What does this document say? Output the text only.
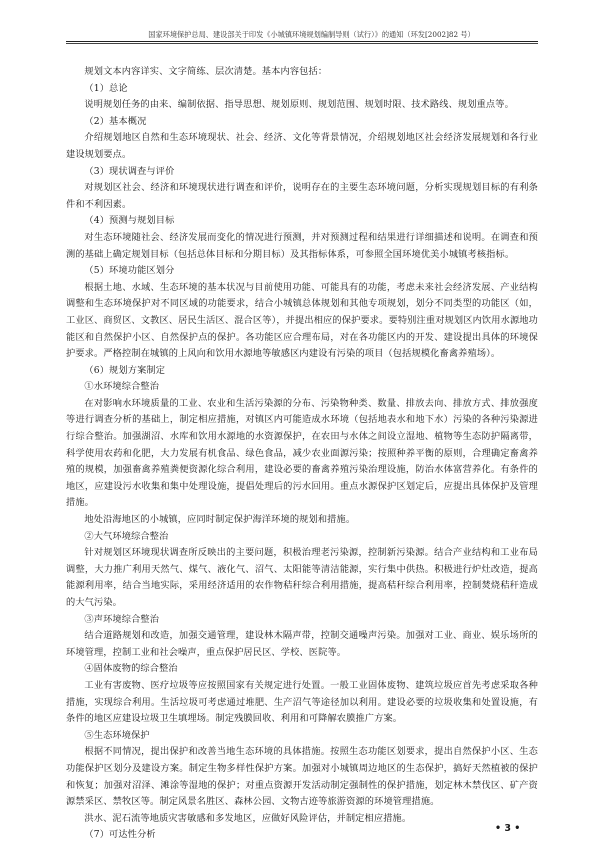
国家环境保护总局、建设部关于印发《小城镇环境规划编制导则（试行）》的通知（环发[2002]82 号）

规划文本内容详实、文字简练、层次清楚。基本内容包括：

（1）总论

说明规划任务的由来、编制依据、指导思想、规划原则、规划范围、规划时限、技术路线、规划重点等。

（2）基本概况

介绍规划地区自然和生态环境现状、社会、经济、文化等背景情况，介绍规划地区社会经济发展规划和各行业建设规划要点。

（3）现状调查与评价

对规划区社会、经济和环境现状进行调查和评价，说明存在的主要生态环境问题，分析实现规划目标的有利条件和不利因素。

（4）预测与规划目标

对生态环境随社会、经济发展而变化的情况进行预测，并对预测过程和结果进行详细描述和说明。在调查和预测的基础上确定规划目标（包括总体目标和分期目标）及其指标体系，可参照全国环境优美小城镇考核指标。

（5）环境功能区划分

根据土地、水域、生态环境的基本状况与目前使用功能、可能具有的功能，考虑未来社会经济发展、产业结构调整和生态环境保护对不同区域的功能要求，结合小城镇总体规划和其他专项规划，划分不同类型的功能区（如，工业区、商贸区、文教区、居民生活区、混合区等），并提出相应的保护要求。要特别注重对规划区内饮用水源地功能区和自然保护小区、自然保护点的保护。各功能区应合理布局，对在各功能区内的开发、建设提出具体的环境保护要求。严格控制在城镇的上风向和饮用水源地等敏感区内建设有污染的项目（包括规模化畜禽养殖场）。

（6）规划方案制定

①水环境综合整治

在对影响水环境质量的工业、农业和生活污染源的分布、污染物种类、数量、排放去向、排放方式、排放强度等进行调查分析的基础上，制定相应措施，对镇区内可能造成水环境（包括地表水和地下水）污染的各种污染源进行综合整治。加强湖沼、水库和饮用水源地的水资源保护，在农田与水体之间设立湿地、植物等生态防护隔离带，科学使用农药和化肥，大力发展有机食品、绿色食品，减少农业面源污染；按照种养平衡的原则，合理确定畜禽养殖的规模，加强畜禽养殖粪便资源化综合利用，建设必要的畜禽养殖污染治理设施，防治水体富营养化。有条件的地区，应建设污水收集和集中处理设施，提倡处理后的污水回用。重点水源保护区划定后，应提出具体保护及管理措施。

地处沿海地区的小城镇，应同时制定保护海洋环境的规划和措施。

②大气环境综合整治

针对规划区环境现状调查所反映出的主要问题，积极治理老污染源，控制新污染源。结合产业结构和工业布局调整，大力推广利用天然气、煤气、液化气、沼气、太阳能等清洁能源，实行集中供热。积极进行炉灶改造，提高能源利用率，结合当地实际，采用经济适用的农作物秸秆综合利用措施，提高秸秆综合利用率，控制焚烧秸秆造成的大气污染。

③声环境综合整治

结合道路规划和改造，加强交通管理，建设林木隔声带，控制交通噪声污染。加强对工业、商业、娱乐场所的环境管理，控制工业和社会噪声，重点保护居民区、学校、医院等。

④固体废物的综合整治

工业有害废物、医疗垃圾等应按照国家有关规定进行处置。一般工业固体废物、建筑垃圾应首先考虑采取各种措施，实现综合利用。生活垃圾可考虑通过堆肥、生产沼气等途径加以利用。建设必要的垃圾收集和处置设施，有条件的地区应建设垃圾卫生填埋场。制定残膜回收、利用和可降解农膜推广方案。

⑤生态环境保护

根据不同情况，提出保护和改善当地生态环境的具体措施。按照生态功能区划要求，提出自然保护小区、生态功能保护区划分及建设方案。制定生物多样性保护方案。加强对小城镇周边地区的生态保护，搞好天然植被的保护和恢复；加强对沼泽、滩涂等湿地的保护；对重点资源开发活动制定强制性的保护措施，划定林木禁伐区、矿产资源禁采区、禁牧区等。制定风景名胜区、森林公园、文物古迹等旅游资源的环境管理措施。

洪水、泥石流等地质灾害敏感和多发地区，应做好风险评估，并制定相应措施。

（7）可达性分析

• 3 •
